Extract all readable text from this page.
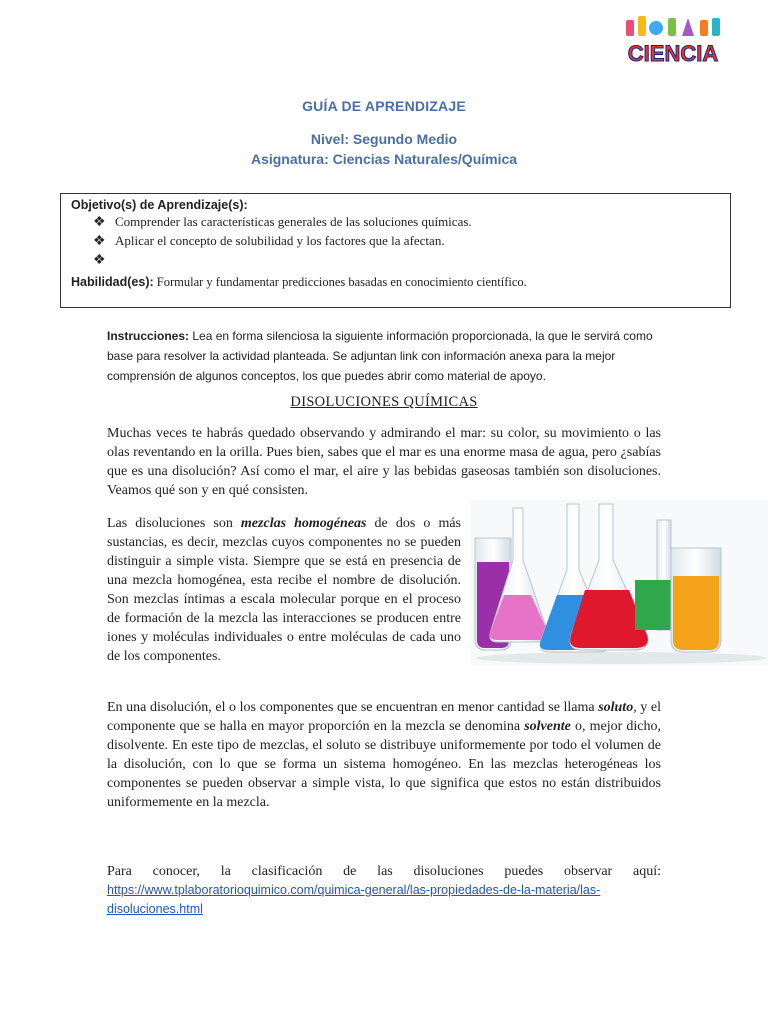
CIENCIA
GUÍA DE APRENDIZAJE
Nivel: Segundo Medio
Asignatura: Ciencias Naturales/Química
Objetivo(s) de Aprendizaje(s):
❖ Comprender las características generales de las soluciones químicas.
❖ Aplicar el concepto de solubilidad y los factores que la afectan.
❖
Habilidad(es): Formular y fundamentar predicciones basadas en conocimiento científico.
Instrucciones: Lea en forma silenciosa la siguiente información proporcionada, la que le servirá como base para resolver la actividad planteada. Se adjuntan link con información anexa para la mejor comprensión de algunos conceptos, los que puedes abrir como material de apoyo.
DISOLUCIONES QUÍMICAS
Muchas veces te habrás quedado observando y admirando el mar: su color, su movimiento o las olas reventando en la orilla. Pues bien, sabes que el mar es una enorme masa de agua, pero ¿sabías que es una disolución? Así como el mar, el aire y las bebidas gaseosas también son disoluciones. Veamos qué son y en qué consisten.
Las disoluciones son mezclas homogéneas de dos o más sustancias, es decir, mezclas cuyos componentes no se pueden distinguir a simple vista. Siempre que se está en presencia de una mezcla homogénea, esta recibe el nombre de disolución. Son mezclas íntimas a escala molecular porque en el proceso de formación de la mezcla las interacciones se producen entre iones y moléculas individuales o entre moléculas de cada uno de los componentes.
En una disolución, el o los componentes que se encuentran en menor cantidad se llama soluto, y el componente que se halla en mayor proporción en la mezcla se denomina solvente o, mejor dicho, disolvente. En este tipo de mezclas, el soluto se distribuye uniformemente por todo el volumen de la disolución, con lo que se forma un sistema homogéneo. En las mezclas heterogéneas los componentes se pueden observar a simple vista, lo que significa que estos no están distribuidos uniformemente en la mezcla.
Para conocer, la clasificación de las disoluciones puedes observar aquí: https://www.tplaboratorioquimico.com/quimica-general/las-propiedades-de-la-materia/las-disoluciones.html
